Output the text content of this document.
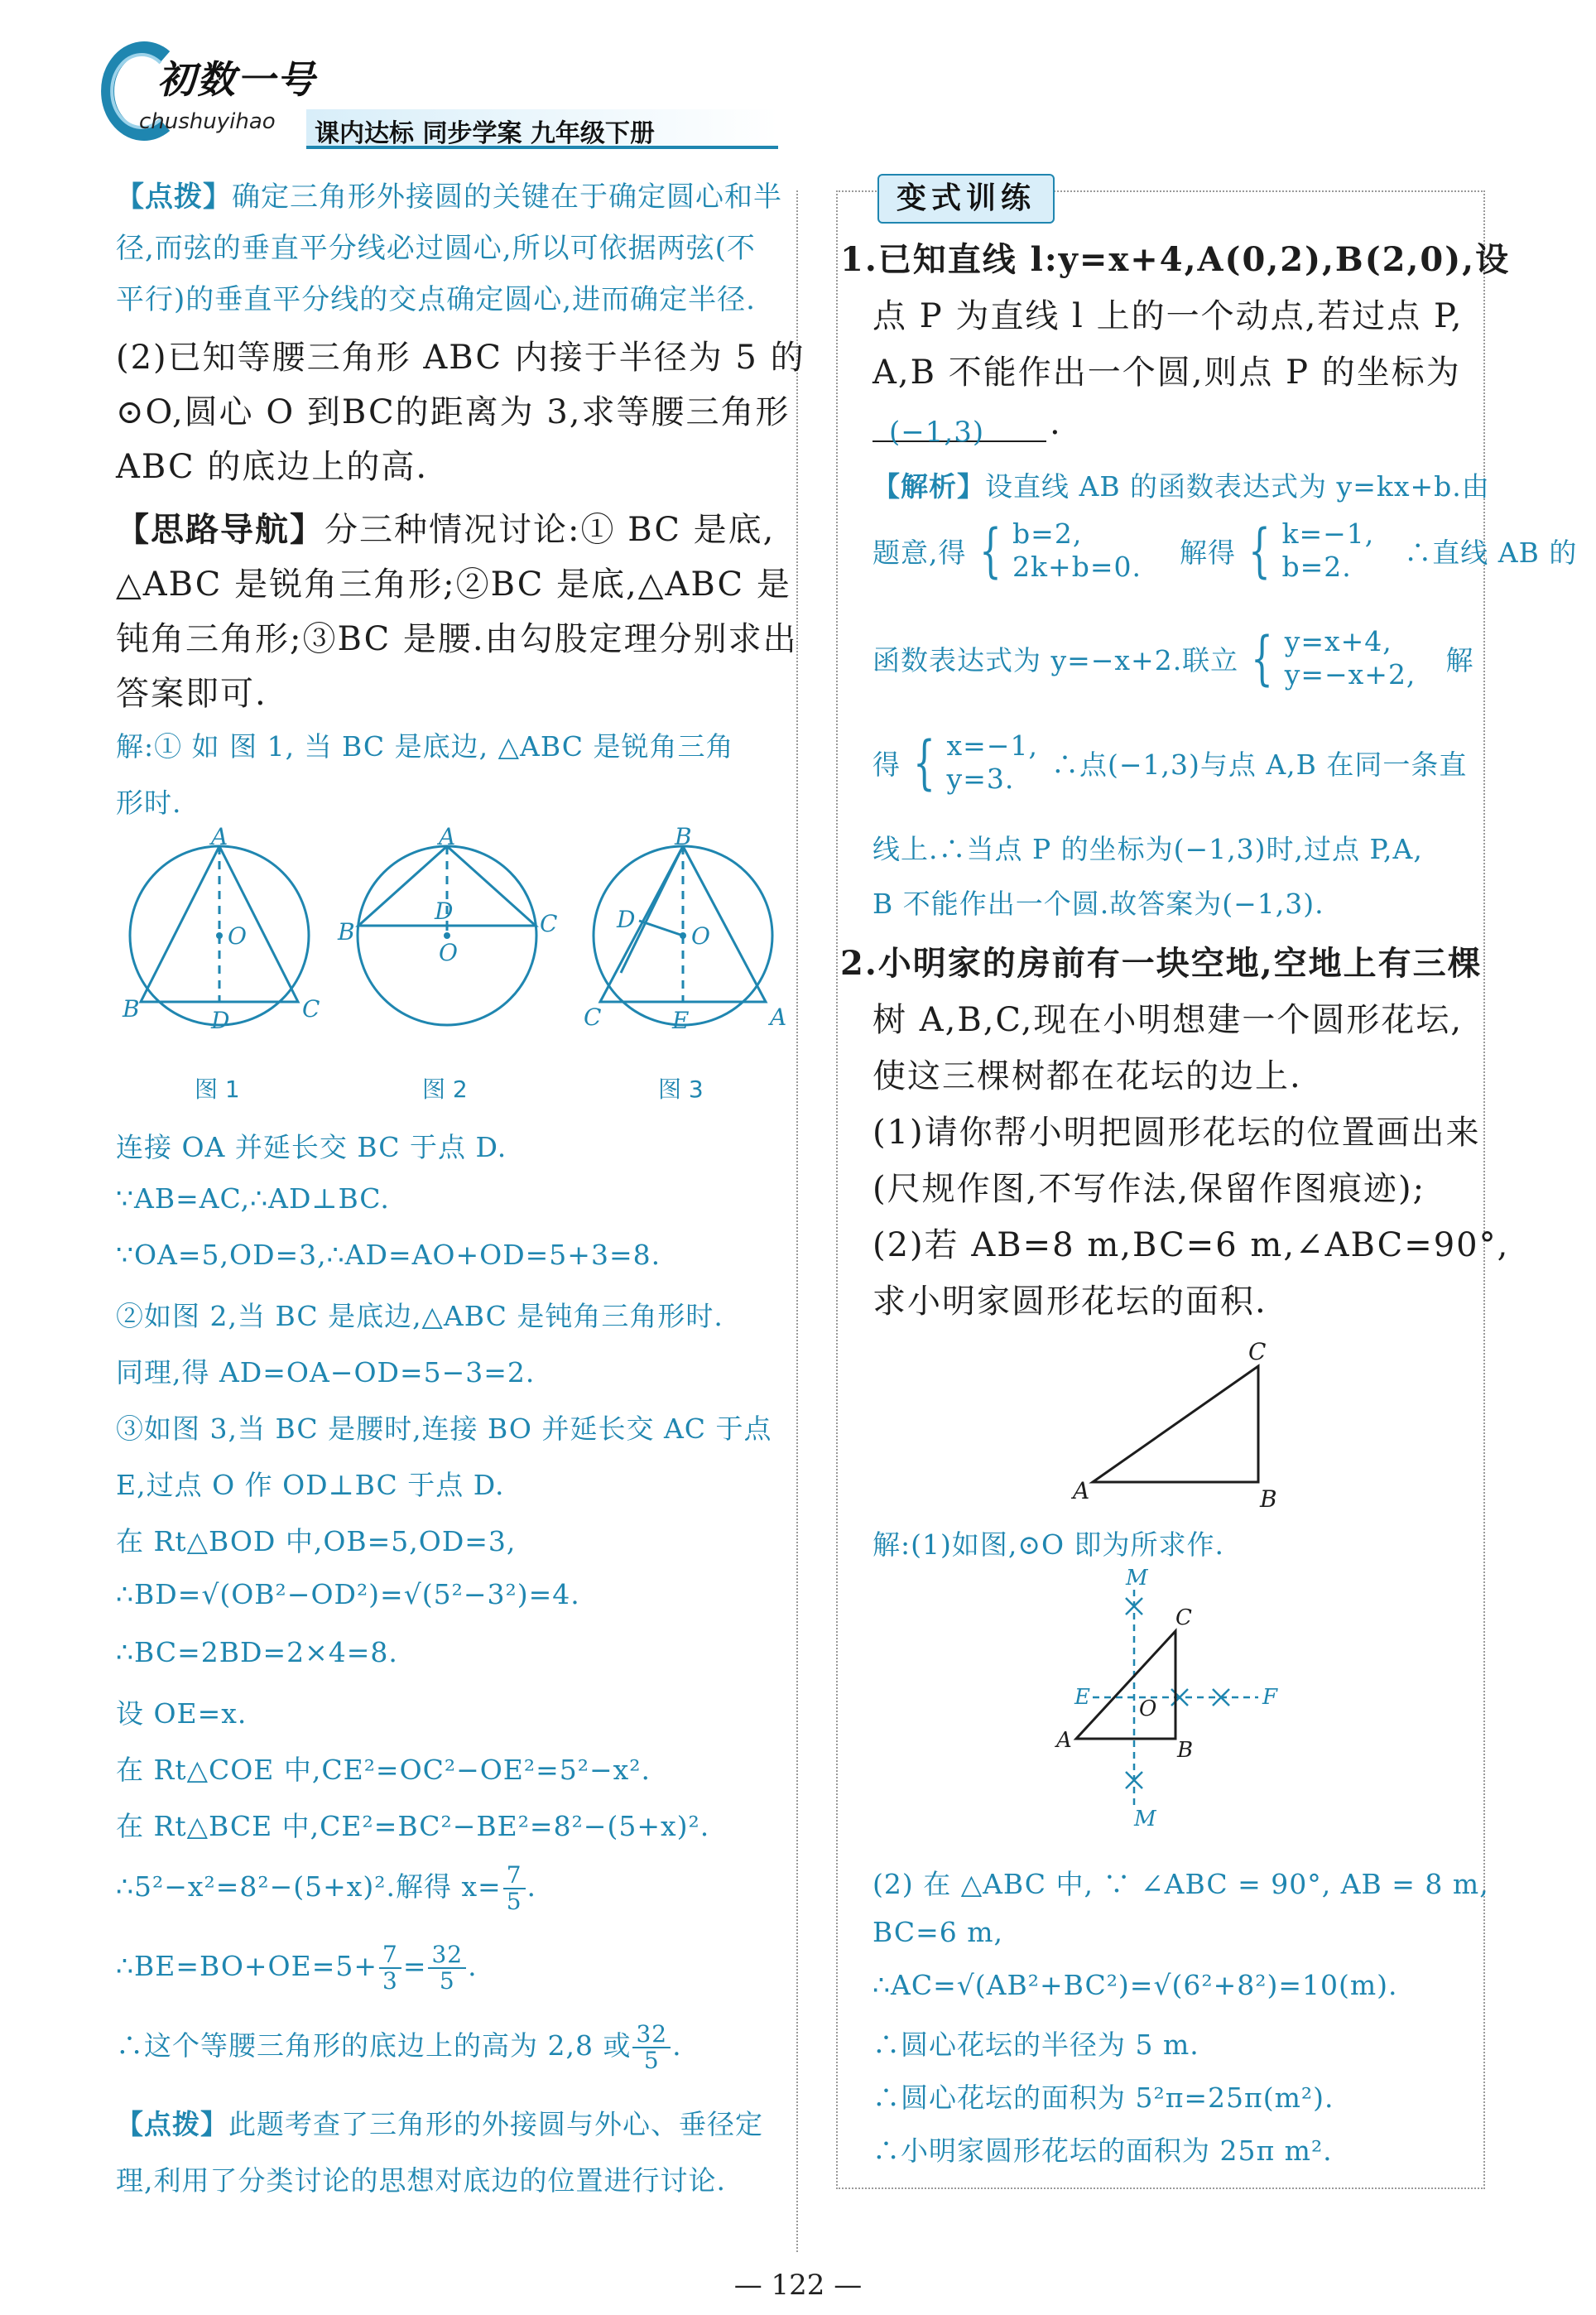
初数一号
chushuyihao 课内达标 同步学案 九年级下册
【点拨】确定三角形外接圆的关键在于确定圆心和半
径,而弦的垂直平分线必过圆心,所以可依据两弦(不
平行)的垂直平分线的交点确定圆心,进而确定半径.
(2)已知等腰三角形 ABC 内接于半径为 5 的
⊙O,圆心 O 到BC的距离为 3,求等腰三角形
ABC 的底边上的高.
【思路导航】分三种情况讨论:① BC 是底,
△ABC 是锐角三角形;②BC 是底,△ABC 是
钝角三角形;③BC 是腰.由勾股定理分别求出
答案即可.
解:① 如 图 1, 当 BC 是底边, △ABC 是锐角三角
形时.
A
O
B	D	C
A
B
D	C
O
B
D
O
C	E	A
图 1	图 2	图 3
连接 OA 并延长交 BC 于点 D.
∵AB=AC,∴AD⊥BC.
∵OA=5,OD=3,∴AD=AO+OD=5+3=8.
②如图 2,当 BC 是底边,△ABC 是钝角三角形时.
同理,得 AD=OA−OD=5−3=2.
③如图 3,当 BC 是腰时,连接 BO 并延长交 AC 于点
E,过点 O 作 OD⊥BC 于点 D.
在 Rt△BOD 中,OB=5,OD=3,
∴BD=√(OB²−OD²)=√(5²−3²)=4.
∴BC=2BD=2×4=8.
设 OE=x.
在 Rt△COE 中,CE²=OC²−OE²=5²−x².
在 Rt△BCE 中,CE²=BC²−BE²=8²−(5+x)².
∴5²−x²=8²−(5+x)².解得 $x= \frac{7}{5}$ .
∴BE=BO+OE=5+ $\frac{7}{3} = \frac{32}{5}$ .
∴这个等腰三角形的底边上的高为 2,8 或 $\frac{32}{5}$ .
【点拨】此题考查了三角形的外接圆与外心、垂径定
理,利用了分类讨论的思想对底边的位置进行讨论.
变式训练
1.已知直线 l:y=x+4,A(0,2),B(2,0),设
点 P 为直线 l 上的一个动点,若过点 P,
A,B 不能作出一个圆,则点 P 的坐标为
(−1,3) .
【解析】设直线 AB 的函数表达式为 y=kx+b.由
题意,得 { b=2,
2k+b=0. 解得 { k=−1,
b=2.	∴直线 AB 的
函数表达式为 y=−x+2.联立 { y=x+4,
y=−x+2, 解
得 { x=−1,
y=3.	∴点(−1,3)与点 A,B 在同一条直
线上.∴当点 P 的坐标为(−1,3)时,过点 P,A,
B 不能作出一个圆.故答案为(−1,3).
2.小明家的房前有一块空地,空地上有三棵
树 A,B,C,现在小明想建一个圆形花坛,
使这三棵树都在花坛的边上.
(1)请你帮小明把圆形花坛的位置画出来
(尺规作图,不写作法,保留作图痕迹);
(2)若 AB=8 m,BC=6 m,∠ABC=90°,
求小明家圆形花坛的面积.
A	B
C
解:(1)如图,⊙O 即为所求作.
M
M
E	F
O
A	B
C
(2) 在 △ABC 中, ∵ ∠ABC = 90°, AB = 8 m,
BC=6 m,
∴AC=√(AB²+BC²)=√(6²+8²)=10(m).
∴圆心花坛的半径为 5 m.
∴圆心花坛的面积为 5²π=25π(m²).
∴小明家圆形花坛的面积为 25π m².
— 122 —
